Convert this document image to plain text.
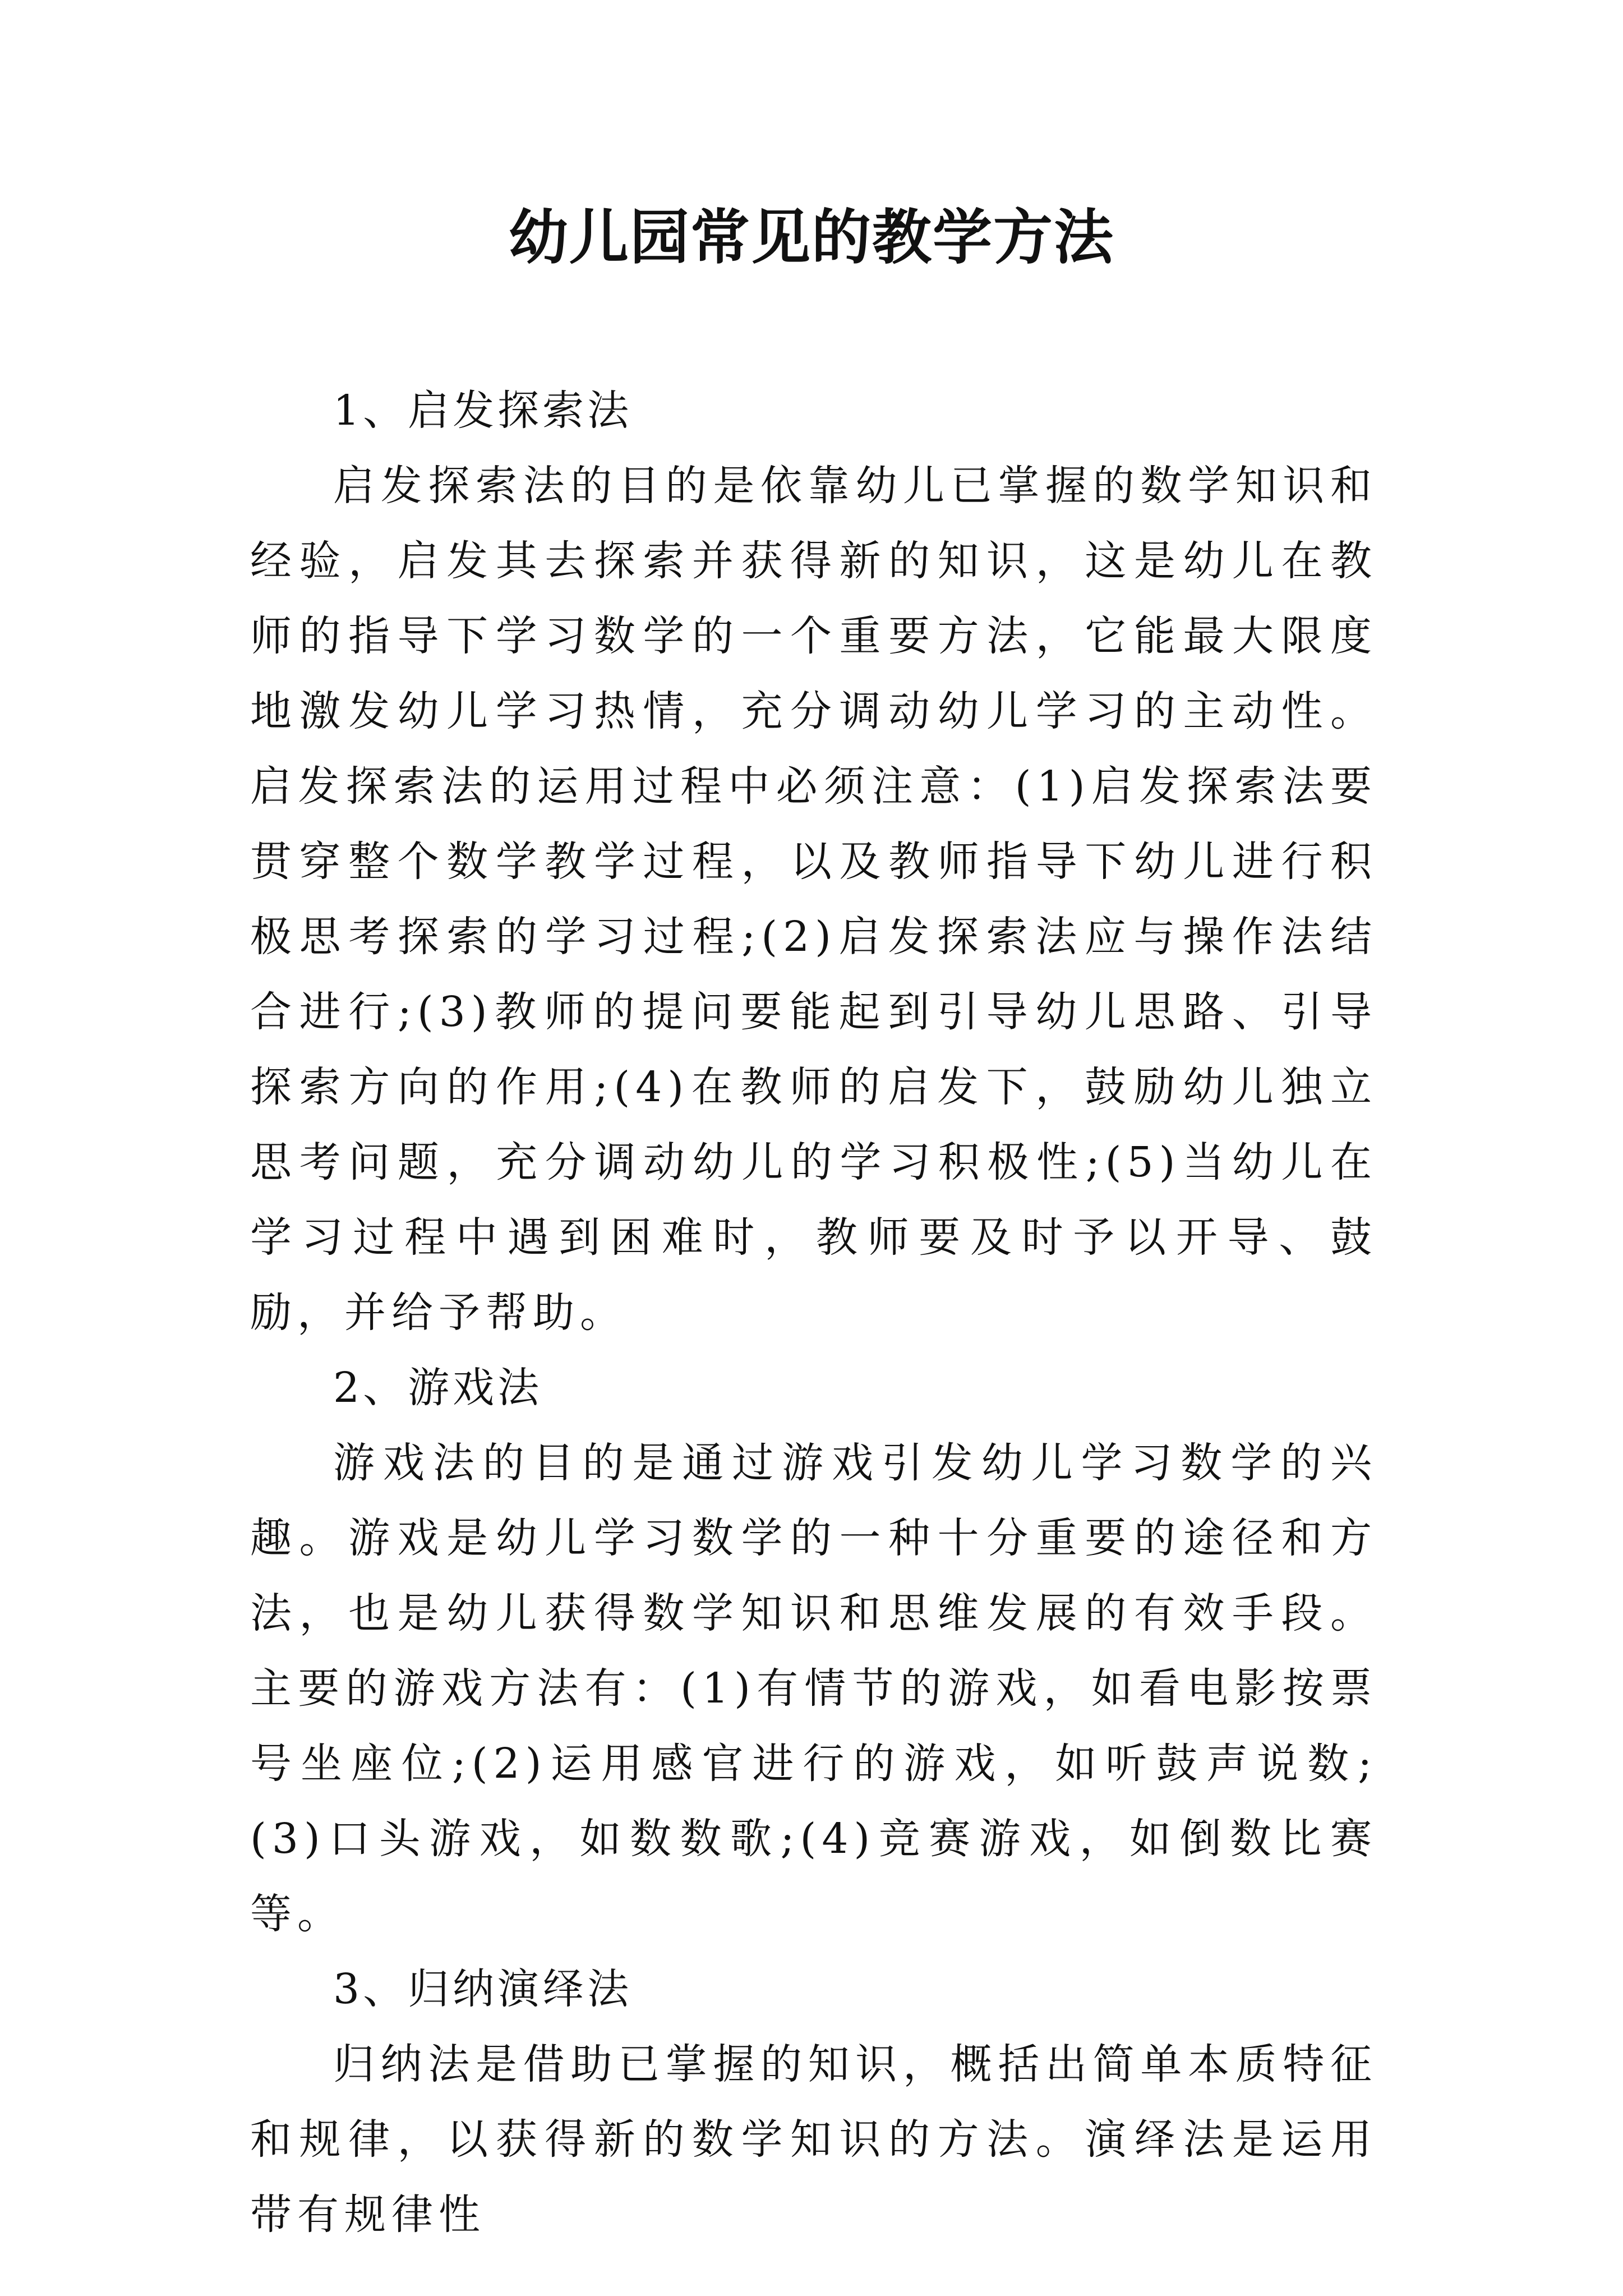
幼儿园常见的教学方法

1、启发探索法

启发探索法的目的是依靠幼儿已掌握的数学知识和经验，启发其去探索并获得新的知识，这是幼儿在教师的指导下学习数学的一个重要方法，它能最大限度地激发幼儿学习热情，充分调动幼儿学习的主动性。启发探索法的运用过程中必须注意：(1)启发探索法要贯穿整个数学教学过程，以及教师指导下幼儿进行积极思考探索的学习过程;(2)启发探索法应与操作法结合进行;(3)教师的提问要能起到引导幼儿思路、引导探索方向的作用;(4)在教师的启发下，鼓励幼儿独立思考问题，充分调动幼儿的学习积极性;(5)当幼儿在学习过程中遇到困难时，教师要及时予以开导、鼓励，并给予帮助。

2、游戏法

游戏法的目的是通过游戏引发幼儿学习数学的兴趣。游戏是幼儿学习数学的一种十分重要的途径和方法，也是幼儿获得数学知识和思维发展的有效手段。主要的游戏方法有：(1)有情节的游戏，如看电影按票号坐座位;(2)运用感官进行的游戏，如听鼓声说数;(3)口头游戏，如数数歌;(4)竞赛游戏，如倒数比赛等。

3、归纳演绎法

归纳法是借助已掌握的知识，概括出简单本质特征和规律，以获得新的数学知识的方法。演绎法是运用带有规律性
